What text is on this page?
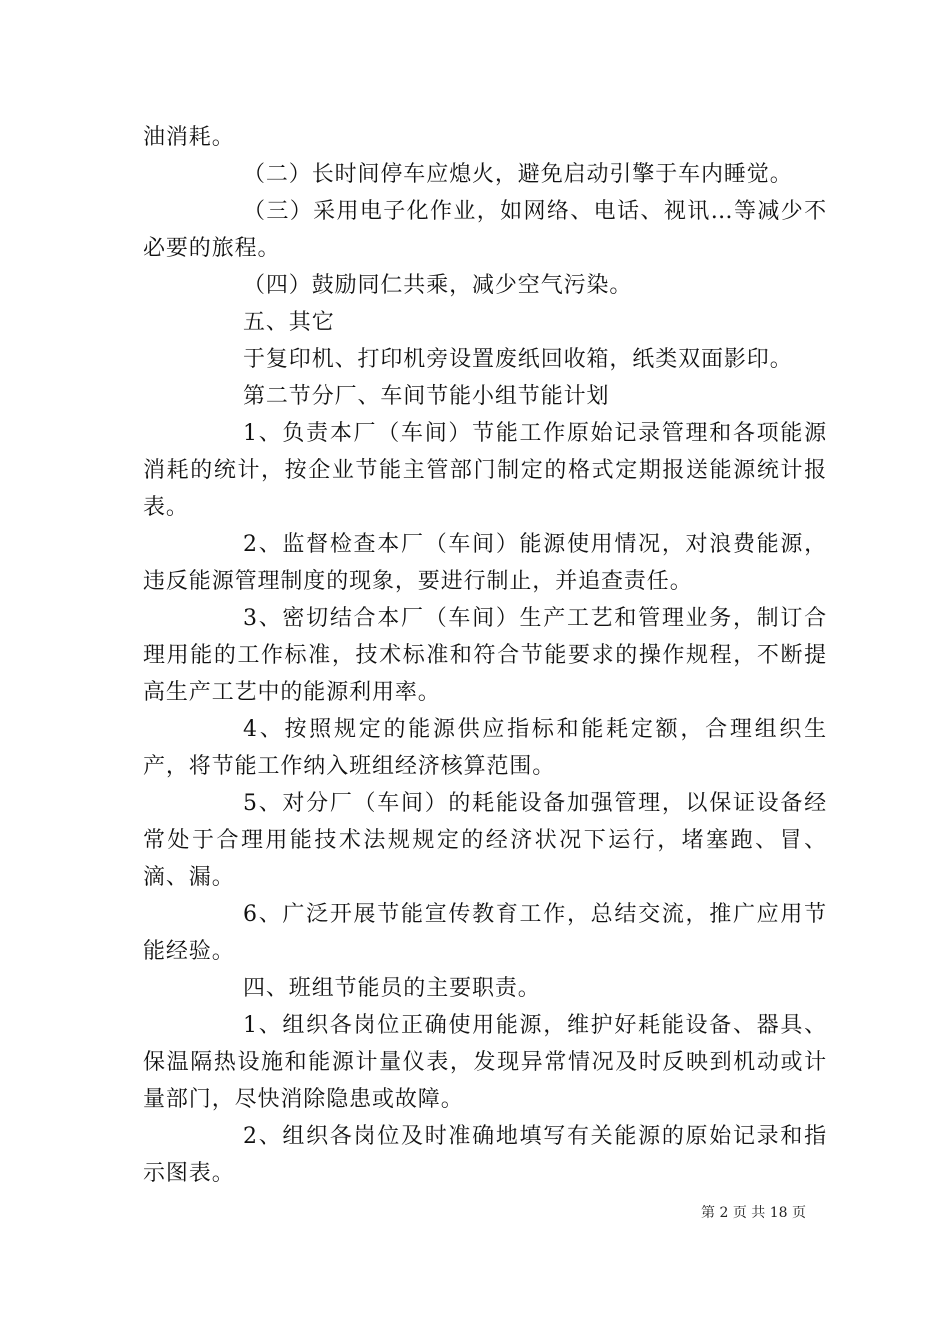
油消耗。

（二）长时间停车应熄火，避免启动引擎于车内睡觉。

（三）采用电子化作业，如网络、电话、视讯…等减少不必要的旅程。

（四）鼓励同仁共乘，减少空气污染。

五、其它

于复印机、打印机旁设置废纸回收箱，纸类双面影印。

第二节分厂、车间节能小组节能计划

1、负责本厂（车间）节能工作原始记录管理和各项能源消耗的统计，按企业节能主管部门制定的格式定期报送能源统计报表。

2、监督检查本厂（车间）能源使用情况，对浪费能源，违反能源管理制度的现象，要进行制止，并追查责任。

3、密切结合本厂（车间）生产工艺和管理业务，制订合理用能的工作标准，技术标准和符合节能要求的操作规程，不断提高生产工艺中的能源利用率。

4、按照规定的能源供应指标和能耗定额，合理组织生产，将节能工作纳入班组经济核算范围。

5、对分厂（车间）的耗能设备加强管理，以保证设备经常处于合理用能技术法规规定的经济状况下运行，堵塞跑、冒、滴、漏。

6、广泛开展节能宣传教育工作，总结交流，推广应用节能经验。

四、班组节能员的主要职责。

1、组织各岗位正确使用能源，维护好耗能设备、器具、保温隔热设施和能源计量仪表，发现异常情况及时反映到机动或计量部门，尽快消除隐患或故障。

2、组织各岗位及时准确地填写有关能源的原始记录和指示图表。

第 2 页 共 18 页
